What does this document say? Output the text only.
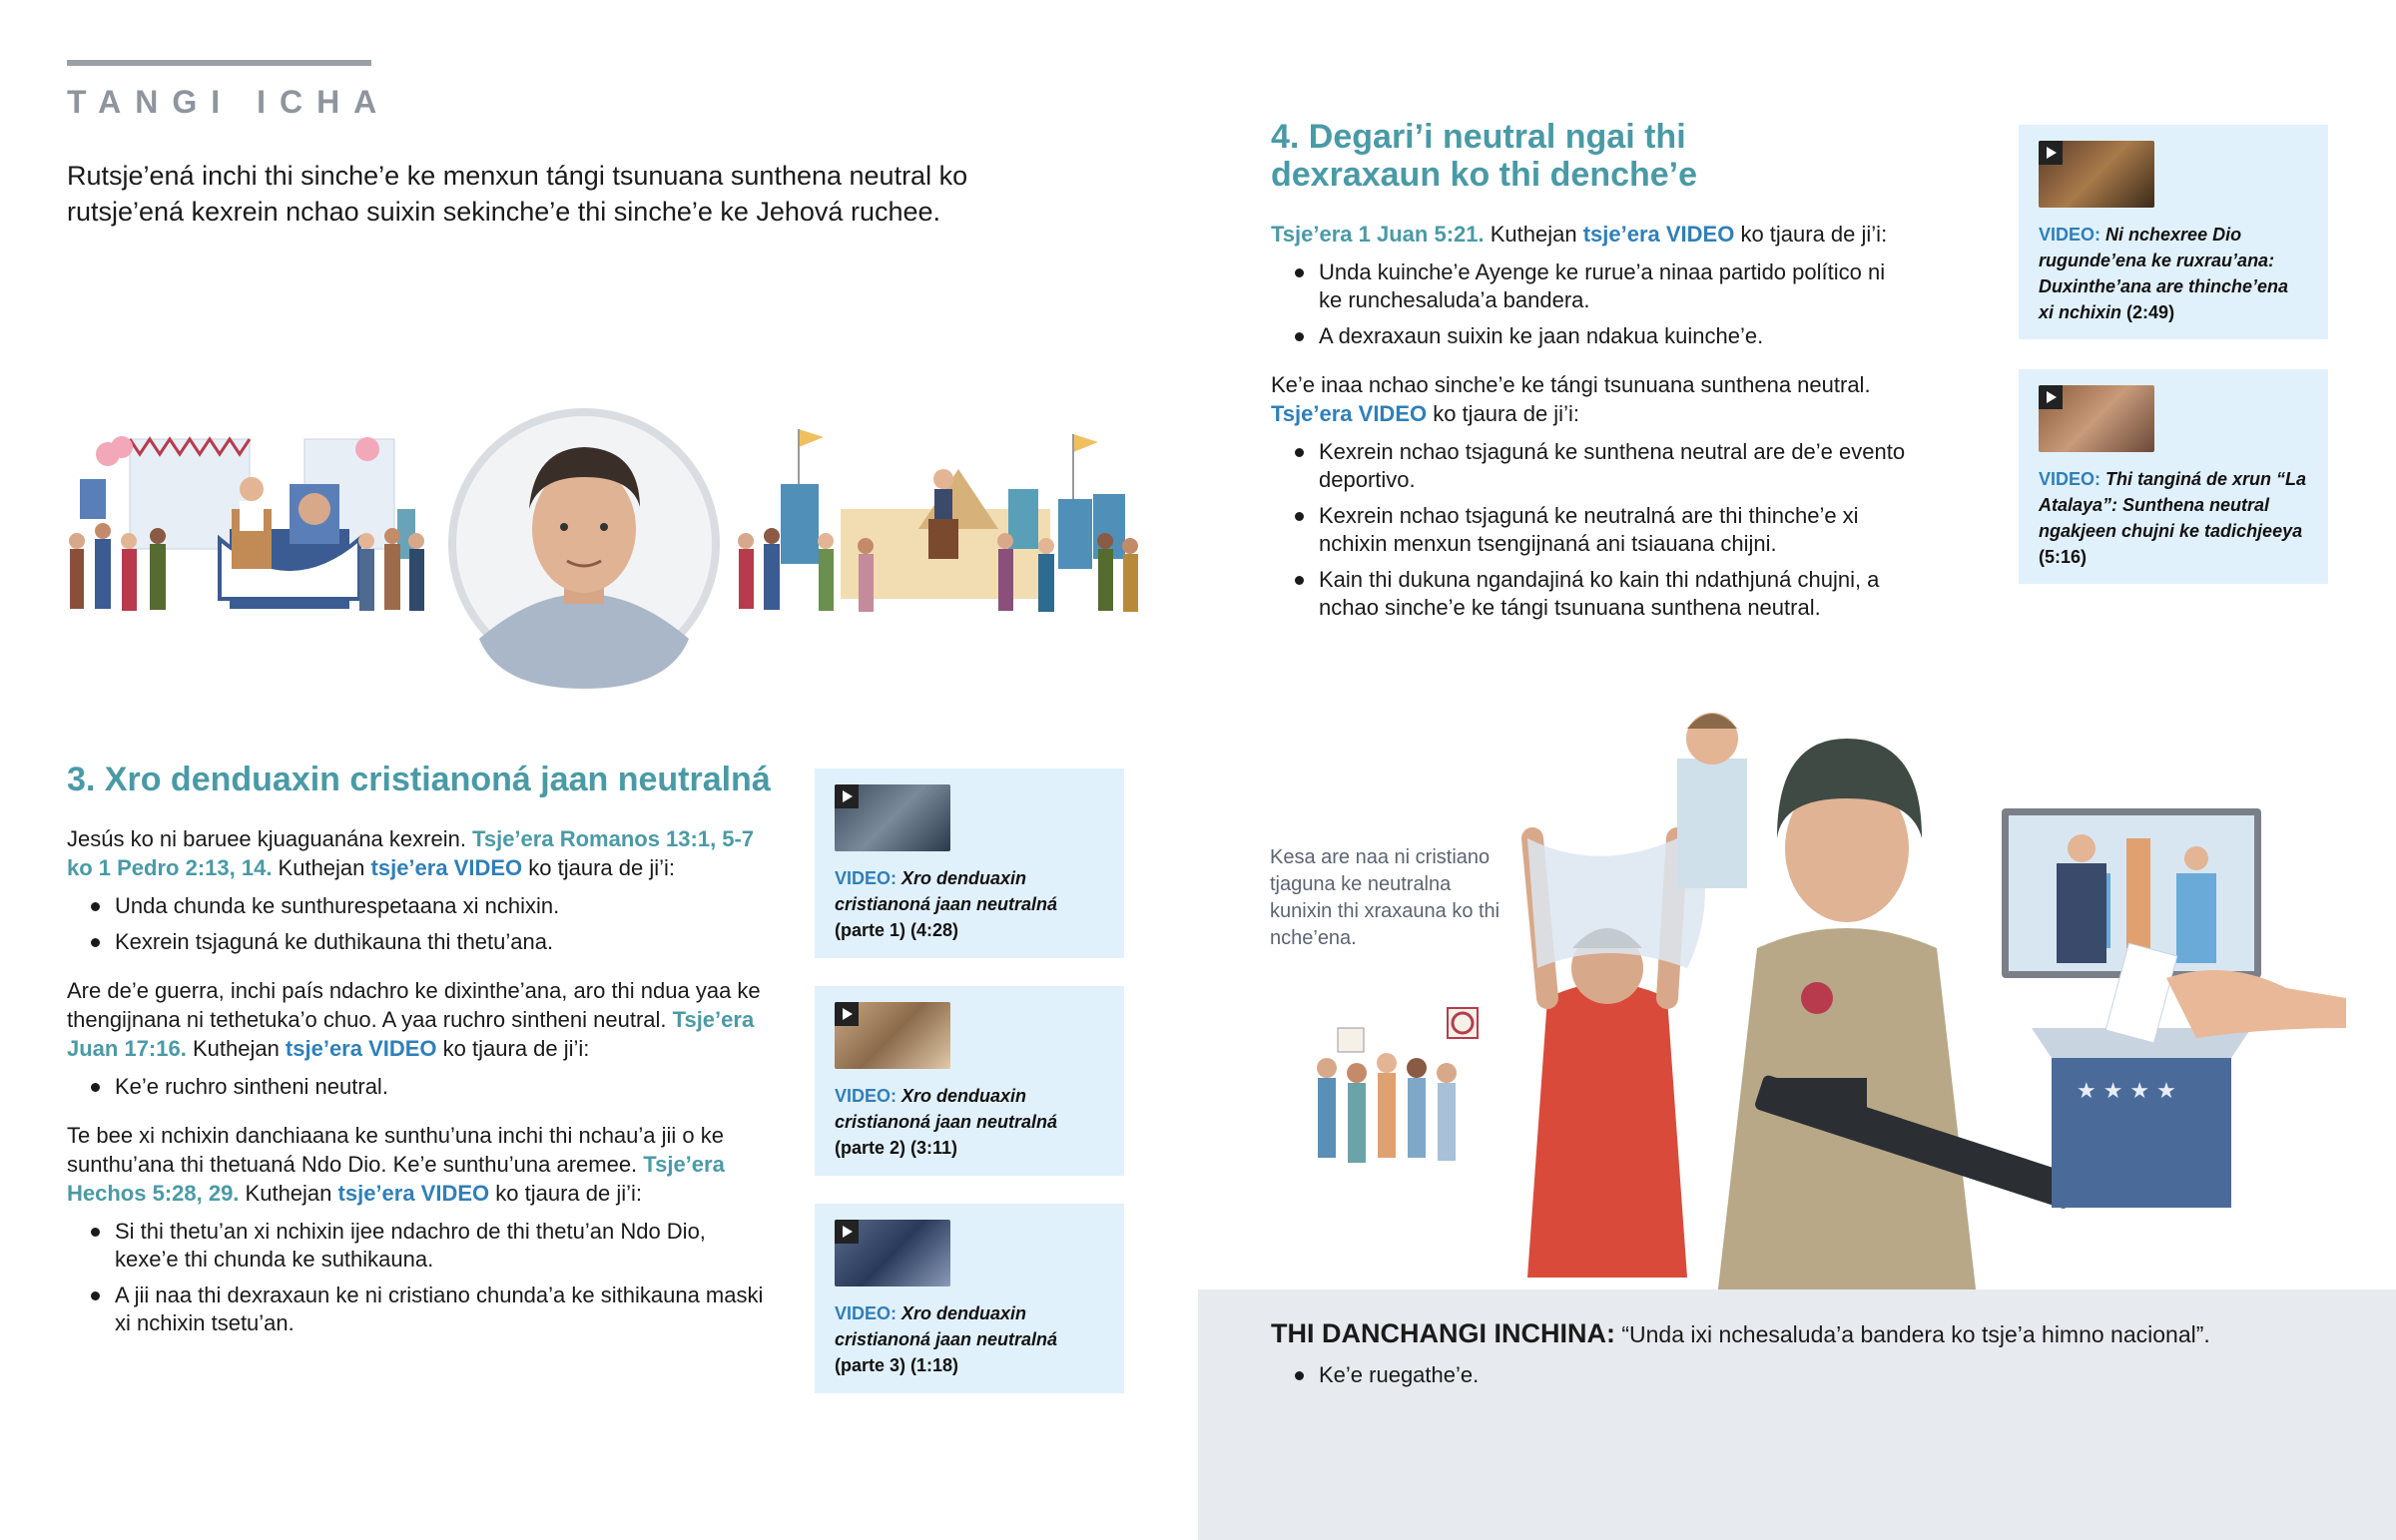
TANGI ICHA
Rutsje’ená inchi thi sinche’e ke menxun tángi tsunuana sunthena neutral ko rutsje’ená kexrein nchao suixin sekinche’e thi sinche’e ke Jehová ruchee.
3. Xro denduaxin cristianoná jaan neutralná

Jesús ko ni baruee kjuaguanána kexrein. Tsje’era Romanos 13:1, 5-7 ko 1 Pedro 2:13, 14. Kuthejan tsje’era VIDEO ko tjaura de ji’i:

Unda chunda ke sunthurespetaana xi nchixin.
Kexrein tsjaguná ke duthikauna thi thetu’ana.

Are de’e guerra, inchi país ndachro ke dixinthe’ana, aro thi ndua yaa ke thengijnana ni tethetuka’o chuo. A yaa ruchro sintheni neutral. Tsje’era Juan 17:16. Kuthejan tsje’era VIDEO ko tjaura de ji’i:

Ke’e ruchro sintheni neutral.

Te bee xi nchixin danchiaana ke sunthu’una inchi thi nchau’a jii o ke sunthu’ana thi thetuaná Ndo Dio. Ke’e sunthu’una aremee. Tsje’era Hechos 5:28, 29. Kuthejan tsje’era VIDEO ko tjaura de ji’i:

Si thi thetu’an xi nchixin ijee ndachro de thi thetu’an Ndo Dio, kexe’e thi chunda ke suthikauna.
A jii naa thi dexraxaun ke ni cristiano chunda’a ke sithikauna maski xi nchixin tsetu’an.
VIDEO: Xro denduaxin cristianoná jaan neutralná (parte 1) (4:28)
VIDEO: Xro denduaxin cristianoná jaan neutralná (parte 2) (3:11)
VIDEO: Xro denduaxin cristianoná jaan neutralná (parte 3) (1:18)
4. Degari’i neutral ngai thi
dexraxaun ko thi denche’e

Tsje’era 1 Juan 5:21. Kuthejan tsje’era VIDEO ko tjaura de ji’i:

Unda kuinche’e Ayenge ke rurue’a ninaa partido político ni ke runchesaluda’a bandera.
A dexraxaun suixin ke jaan ndakua kuinche’e.

Ke’e inaa nchao sinche’e ke tángi tsunuana sunthena neutral. Tsje’era VIDEO ko tjaura de ji’i:

Kexrein nchao tsjaguná ke sunthena neutral are de’e evento deportivo.
Kexrein nchao tsjaguná ke neutralná are thi thinche’e xi nchixin menxun tsengijnaná ani tsiauana chijni.
Kain thi dukuna ngandajiná ko kain thi ndathjuná chujni, a nchao sinche’e ke tángi tsunuana sunthena neutral.
VIDEO: Ni nchexree Dio rugunde’ena ke ruxrau’ana: Duxinthe’ana are thinche’ena xi nchixin (2:49)
VIDEO: Thi tanginá de xrun “La Atalaya”: Sunthena neutral ngakjeen chujni ke tadichjeeya (5:16)
Kesa are naa ni cristiano tjaguna ke neutralna kunixin thi xraxauna ko thi nche’ena.
★ ★ ★ ★
THI DANCHANGI INCHINA: “Unda ixi nchesaluda’a bandera ko tsje’a himno nacional”.
Ke’e ruegathe’e.
